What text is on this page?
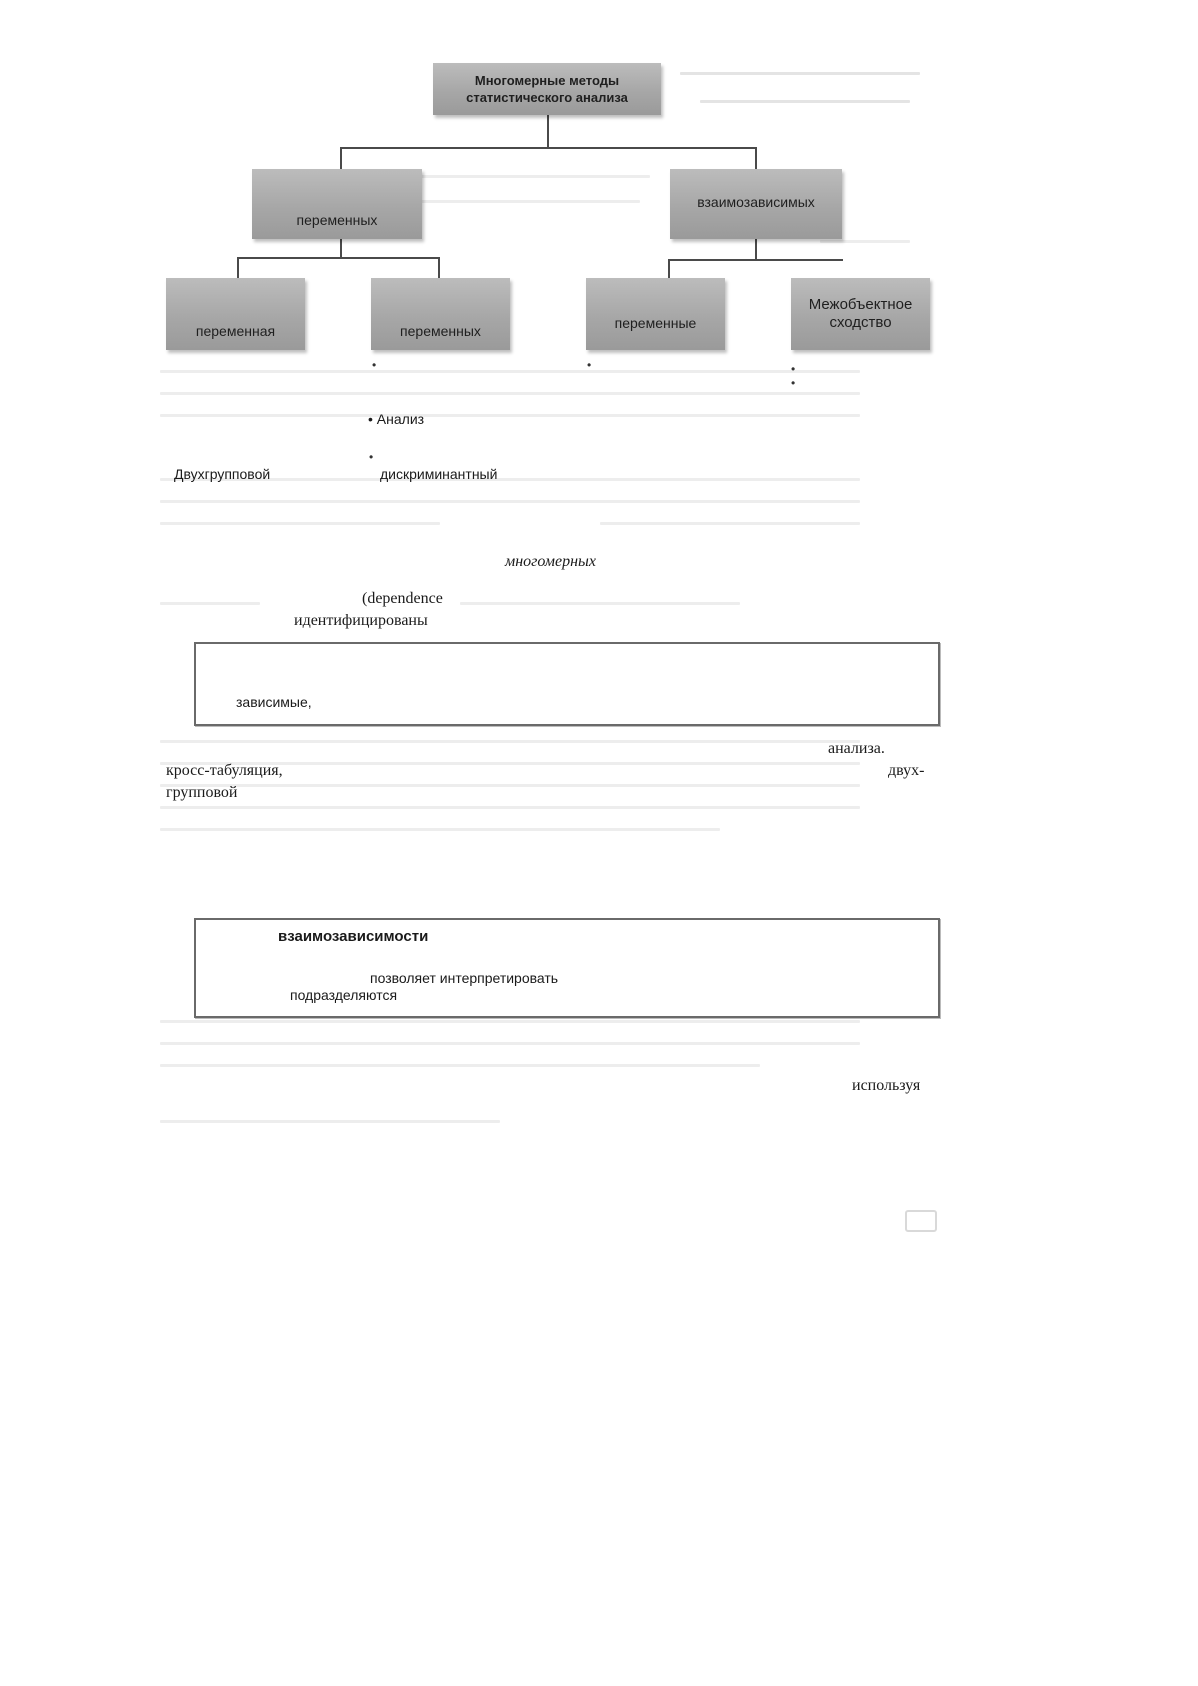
Многомерные методы
статистического анализа
переменных
взаимозависимых
переменная	переменных	переменные
Межобъектное
сходство
•	•	•
•
•
• Анализ
Двухгрупповой	дискриминантный
многомерных
(dependence
идентифицированы
зависимые,
анализа.
кросс-табуляция,	двух-
групповой
взаимозависимости
позволяет интерпретировать
подразделяются
используя
